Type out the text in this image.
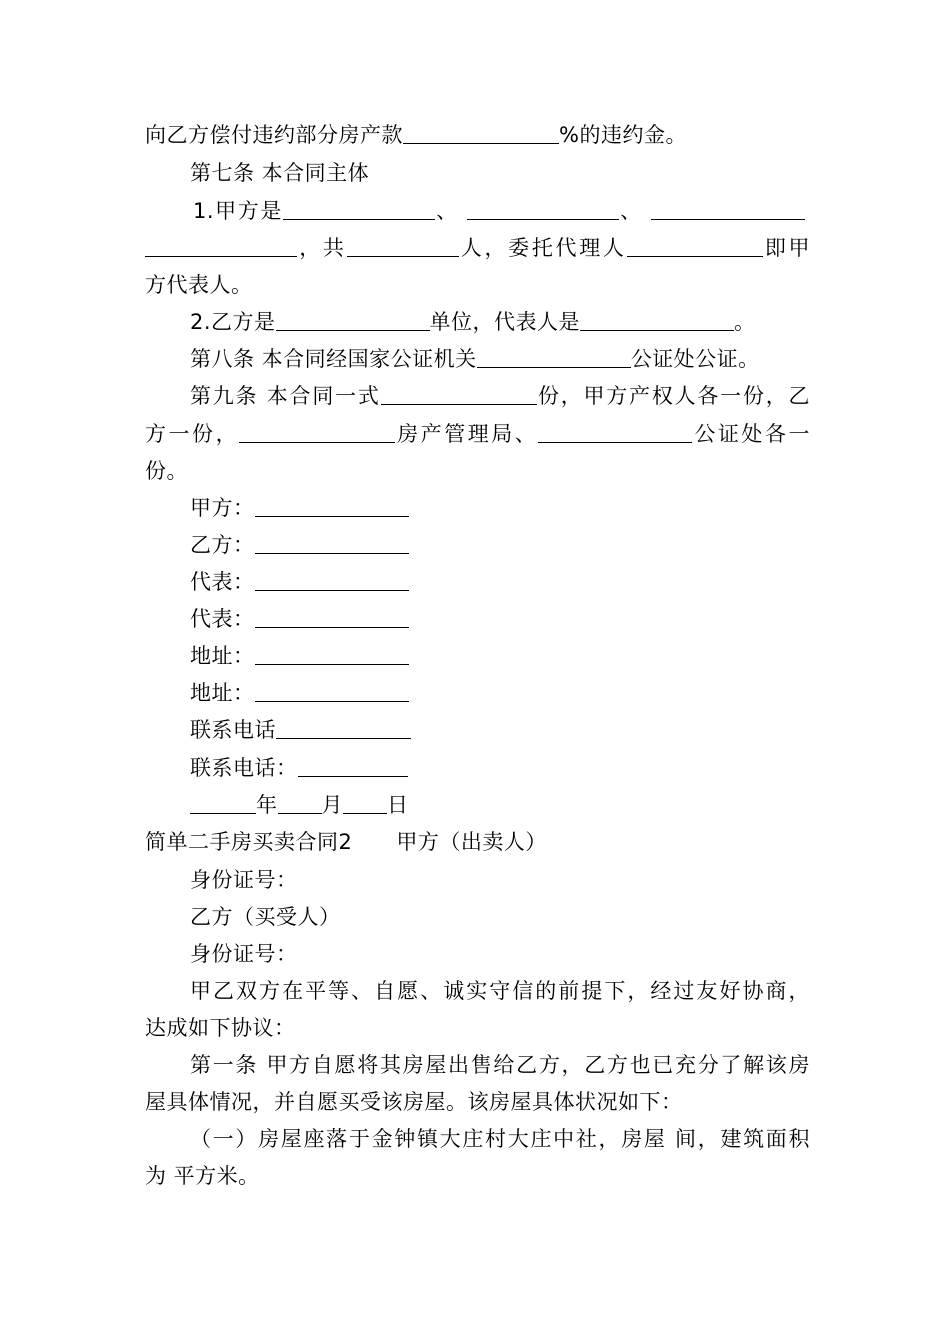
向乙方偿付违约部分房产款	%的违约金。
第七条 本合同主体
1.甲方是	、	、
，共	人，委托代理人	即甲
方代表人。
2.乙方是	单位，代表人是	。
第八条 本合同经国家公证机关	公证处公证。
第九条 本合同一式	份，甲方产权人各一份，乙
方一份，	房产管理局、	公证处各一
份。
甲方：
乙方：
代表：
代表：
地址：
地址：
联系电话
联系电话：
年 月 日
简单二手房买卖合同2 甲方（出卖人）
身份证号：
乙方（买受人）
身份证号：
甲乙双方在平等、自愿、诚实守信的前提下，经过友好协商，
达成如下协议：
第一条 甲方自愿将其房屋出售给乙方，乙方也已充分了解该房
屋具体情况，并自愿买受该房屋。该房屋具体状况如下：
（一）房屋座落于金钟镇大庄村大庄中社，房屋 间，建筑面积
为 平方米。
